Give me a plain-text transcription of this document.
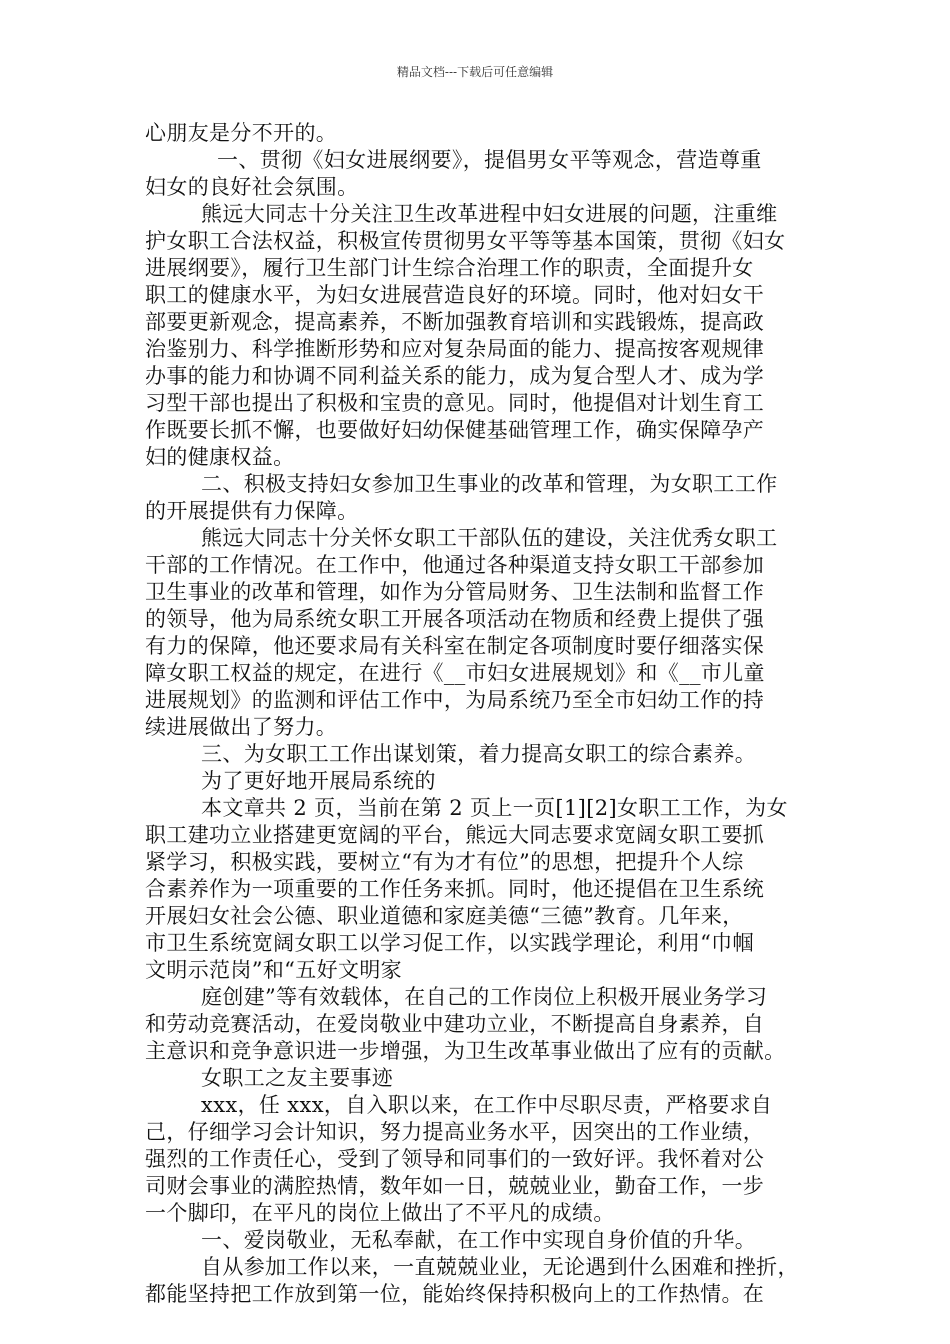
精品文档---下载后可任意编辑
心朋友是分不开的。
一、贯彻《妇女进展纲要》，提倡男女平等观念，营造尊重
妇女的良好社会氛围。
熊远大同志十分关注卫生改革进程中妇女进展的问题，注重维
护女职工合法权益，积极宣传贯彻男女平等等基本国策，贯彻《妇女
进展纲要》，履行卫生部门计生综合治理工作的职责，全面提升女
职工的健康水平，为妇女进展营造良好的环境。同时，他对妇女干
部要更新观念，提高素养，不断加强教育培训和实践锻炼，提高政
治鉴别力、科学推断形势和应对复杂局面的能力、提高按客观规律
办事的能力和协调不同利益关系的能力，成为复合型人才、成为学
习型干部也提出了积极和宝贵的意见。同时，他提倡对计划生育工
作既要长抓不懈，也要做好妇幼保健基础管理工作，确实保障孕产
妇的健康权益。
二、积极支持妇女参加卫生事业的改革和管理，为女职工工作
的开展提供有力保障。
熊远大同志十分关怀女职工干部队伍的建设，关注优秀女职工
干部的工作情况。在工作中，他通过各种渠道支持女职工干部参加
卫生事业的改革和管理，如作为分管局财务、卫生法制和监督工作
的领导，他为局系统女职工开展各项活动在物质和经费上提供了强
有力的保障，他还要求局有关科室在制定各项制度时要仔细落实保
障女职工权益的规定，在进行《__市妇女进展规划》和《__市儿童
进展规划》的监测和评估工作中，为局系统乃至全市妇幼工作的持
续进展做出了努力。
三、为女职工工作出谋划策，着力提高女职工的综合素养。
为了更好地开展局系统的
本文章共 2 页，当前在第 2 页上一页[1][2]女职工工作，为女
职工建功立业搭建更宽阔的平台，熊远大同志要求宽阔女职工要抓
紧学习，积极实践，要树立“有为才有位”的思想，把提升个人综
合素养作为一项重要的工作任务来抓。同时，他还提倡在卫生系统
开展妇女社会公德、职业道德和家庭美德“三德”教育。几年来，
市卫生系统宽阔女职工以学习促工作，以实践学理论，利用“巾帼
文明示范岗”和“五好文明家
庭创建”等有效载体，在自己的工作岗位上积极开展业务学习
和劳动竞赛活动，在爱岗敬业中建功立业，不断提高自身素养，自
主意识和竞争意识进一步增强，为卫生改革事业做出了应有的贡献。
女职工之友主要事迹
xxx，任 xxx，自入职以来，在工作中尽职尽责，严格要求自
己，仔细学习会计知识，努力提高业务水平，因突出的工作业绩，
强烈的工作责任心，受到了领导和同事们的一致好评。我怀着对公
司财会事业的满腔热情，数年如一日，兢兢业业，勤奋工作，一步
一个脚印，在平凡的岗位上做出了不平凡的成绩。
一、爱岗敬业，无私奉献，在工作中实现自身价值的升华。
自从参加工作以来，一直兢兢业业，无论遇到什么困难和挫折，
都能坚持把工作放到第一位，能始终保持积极向上的工作热情。在
